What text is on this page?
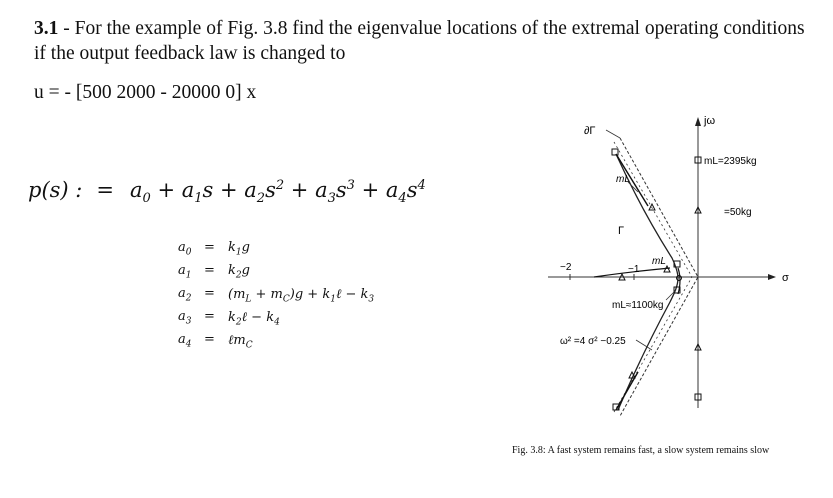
3.1 - For the example of Fig. 3.8 find the eigenvalue locations of the extremal operating conditions if the output feedback law is changed to
u = - [500 2000 - 20000 0] x
p(s) : = $a_0 + a_1s + a_2s^2 + a_3s^3 + a_4s^4$
$a_0 = k_1g$
$a_1 = k_2g$
$a_2 = (m_L + m_C)g$ + $k_1\ell - k_3$
$a_3$ = $k_2\ell - k_4$
$a_4$ = ℓm$_C$
∂Γ
mL
Γ
jω
mL=2395kg
=50kg
−2	−1
mL
σ
mL≈1100kg
ω² =4 σ² −0.25
Fig. 3.8: A fast system remains fast, a slow system remains slow
